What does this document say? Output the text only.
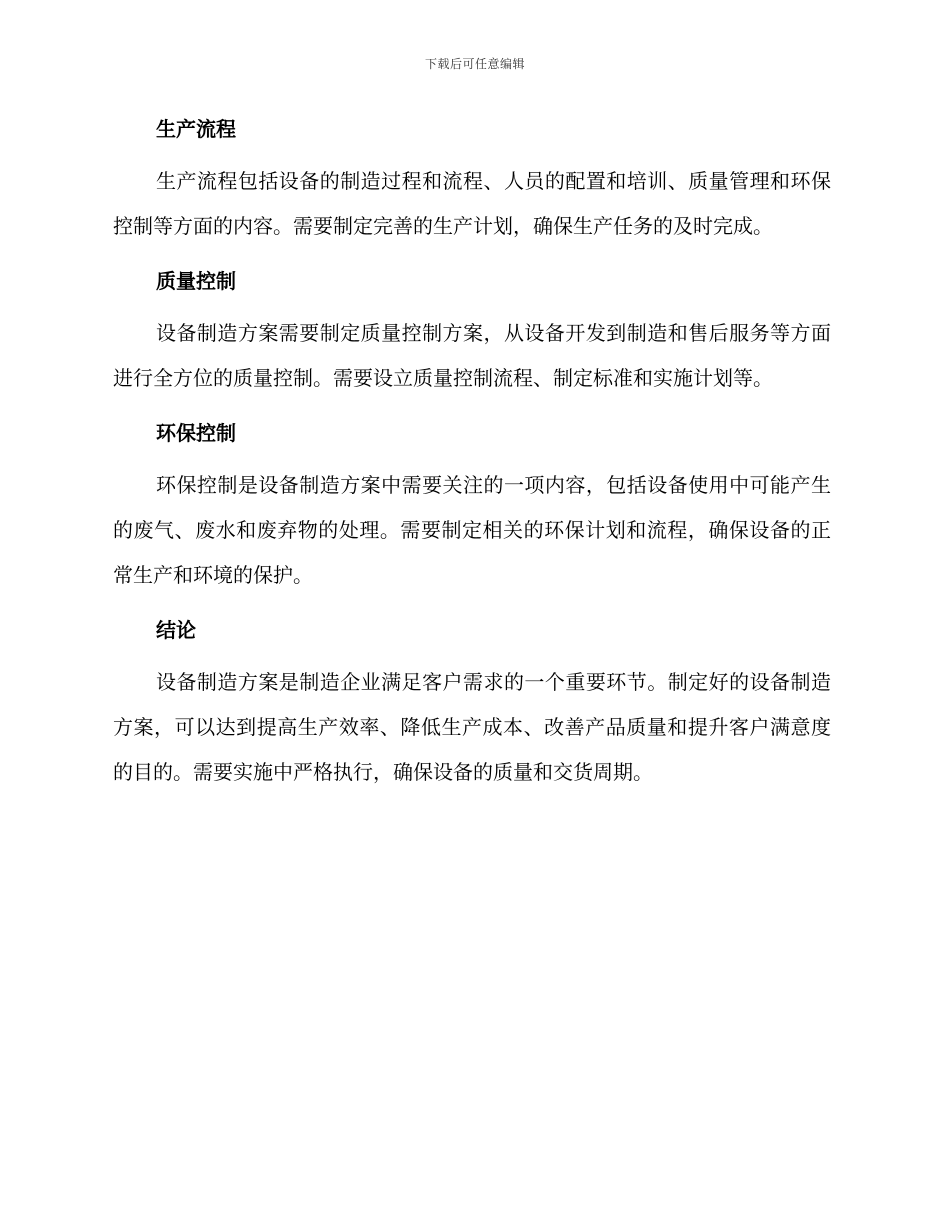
下载后可任意编辑
生产流程

生产流程包括设备的制造过程和流程、人员的配置和培训、质量管理和环保控制等方面的内容。需要制定完善的生产计划，确保生产任务的及时完成。

质量控制

设备制造方案需要制定质量控制方案，从设备开发到制造和售后服务等方面进行全方位的质量控制。需要设立质量控制流程、制定标准和实施计划等。

环保控制

环保控制是设备制造方案中需要关注的一项内容，包括设备使用中可能产生的废气、废水和废弃物的处理。需要制定相关的环保计划和流程，确保设备的正常生产和环境的保护。

结论

设备制造方案是制造企业满足客户需求的一个重要环节。制定好的设备制造方案，可以达到提高生产效率、降低生产成本、改善产品质量和提升客户满意度的目的。需要实施中严格执行，确保设备的质量和交货周期。
